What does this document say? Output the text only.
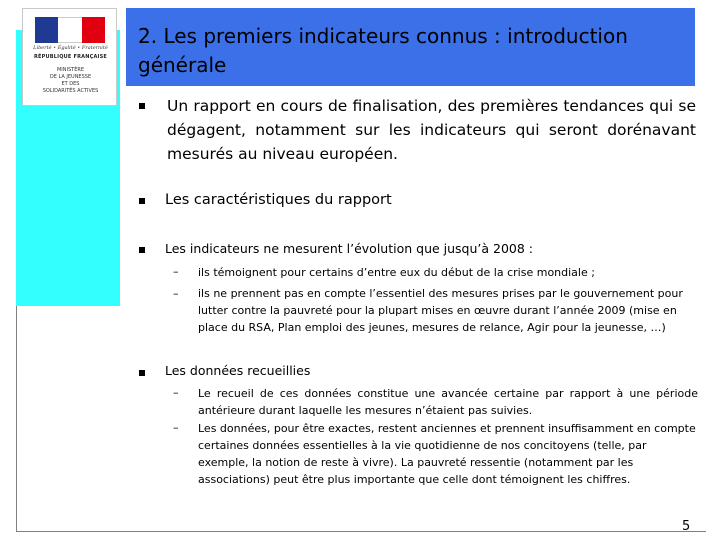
Liberté • Égalité • Fraternité
RÉPUBLIQUE FRANÇAISE
MINISTÈRE
DE LA JEUNESSE
ET DES
SOLIDARITÉS ACTIVES
2. Les premiers indicateurs connus : introduction générale
Un rapport en cours de finalisation, des premières tendances qui se dégagent, notamment sur les indicateurs qui seront dorénavant mesurés au niveau européen.
Les caractéristiques du rapport
Les indicateurs ne mesurent l’évolution que jusqu’à 2008 :
– ils témoignent pour certains d’entre eux du début de la crise mondiale ;
– ils ne prennent pas en compte l’essentiel des mesures prises par le gouvernement pour lutter contre la pauvreté pour la plupart mises en œuvre durant l’année 2009 (mise en place du RSA, Plan emploi des jeunes, mesures de relance, Agir pour la jeunesse, …)
Les données recueillies
– Le recueil de ces données constitue une avancée certaine par rapport à une période antérieure durant laquelle les mesures n’étaient pas suivies.
– Les données, pour être exactes, restent anciennes et prennent insuffisamment en compte certaines données essentielles à la vie quotidienne de nos concitoyens (telle, par exemple, la notion de reste à vivre). La pauvreté ressentie (notamment par les associations) peut être plus importante que celle dont témoignent les chiffres.
5
